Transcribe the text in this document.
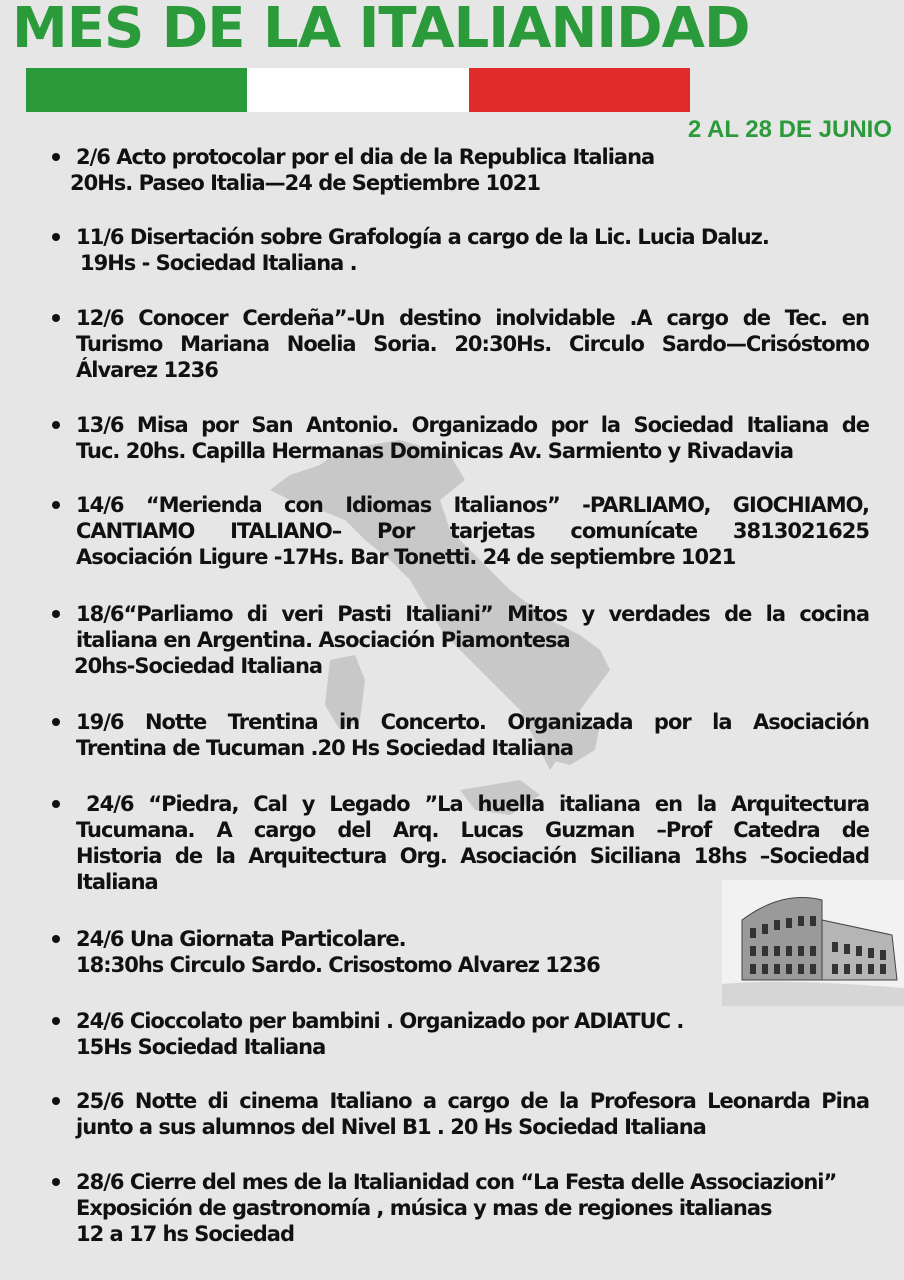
MES DE LA ITALIANIDAD
2 AL 28 DE JUNIO
2/6 Acto protocolar por el dia de la Republica Italiana
20Hs. Paseo Italia—24 de Septiembre 1021
11/6 Disertación sobre Grafología a cargo de la Lic. Lucia Daluz.
19Hs - Sociedad Italiana .
12/6 Conocer Cerdeña”-Un destino inolvidable .A cargo de Tec. en
Turismo Mariana Noelia Soria. 20:30Hs. Circulo Sardo—Crisóstomo
Álvarez 1236
13/6 Misa por San Antonio. Organizado por la Sociedad Italiana de
Tuc. 20hs. Capilla Hermanas Dominicas Av. Sarmiento y Rivadavia
14/6 “Merienda con Idiomas Italianos” -PARLIAMO, GIOCHIAMO,
CANTIAMO ITALIANO– Por tarjetas comunícate 3813021625
Asociación Ligure -17Hs. Bar Tonetti. 24 de septiembre 1021
18/6“Parliamo di veri Pasti Italiani” Mitos y verdades de la cocina
italiana en Argentina. Asociación Piamontesa
20hs-Sociedad Italiana
19/6 Notte Trentina in Concerto. Organizada por la Asociación
Trentina de Tucuman .20 Hs Sociedad Italiana
24/6 “Piedra, Cal y Legado ”La huella italiana en la Arquitectura
Tucumana. A cargo del Arq. Lucas Guzman –Prof Catedra de
Historia de la Arquitectura Org. Asociación Siciliana 18hs –Sociedad
Italiana
24/6 Una Giornata Particolare.
18:30hs Circulo Sardo. Crisostomo Alvarez 1236
24/6 Cioccolato per bambini . Organizado por ADIATUC .
15Hs Sociedad Italiana
25/6 Notte di cinema Italiano a cargo de la Profesora Leonarda Pina
junto a sus alumnos del Nivel B1 . 20 Hs Sociedad Italiana
28/6 Cierre del mes de la Italianidad con “La Festa delle Associazioni”
Exposición de gastronomía , música y mas de regiones italianas
12 a 17 hs Sociedad
